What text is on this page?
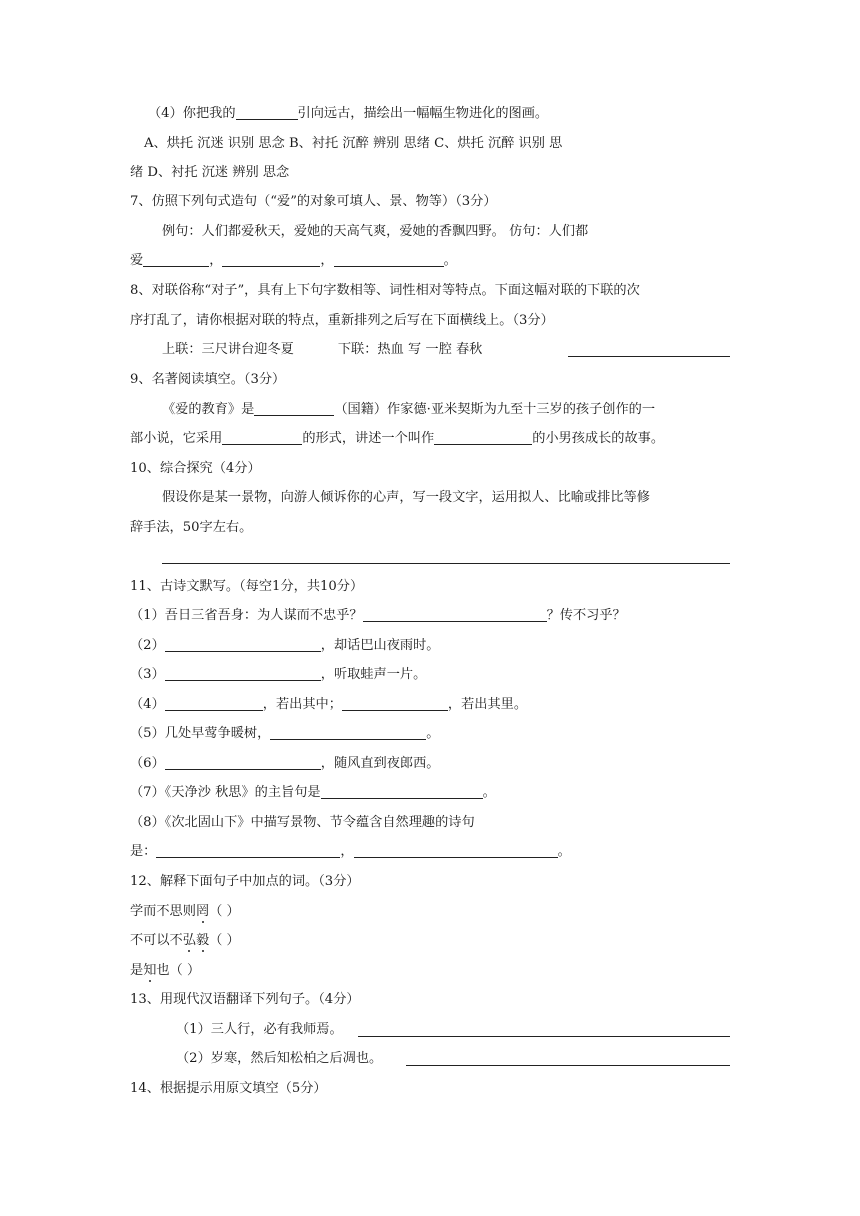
（4）你把我的	引向远古，描绘出一幅幅生物进化的图画。
A、烘托 沉迷 识别 思念 B、衬托 沉醉 辨别 思绪 C、烘托 沉醉 识别 思
绪 D、衬托 沉迷 辨别 思念
7、仿照下列句式造句（“爱”的对象可填人、景、物等）（3分）
例句：人们都爱秋天，爱她的天高气爽，爱她的香飘四野。 仿句：人们都
爱	，	，	。
8、对联俗称“对子”，具有上下句字数相等、词性相对等特点。下面这幅对联的下联的次
序打乱了，请你根据对联的特点，重新排列之后写在下面横线上。（3分）
上联：三尺讲台迎冬夏	下联：热血 写 一腔 春秋
9、名著阅读填空。（3分）
《爱的教育》是	（国籍）作家德·亚米契斯为九至十三岁的孩子创作的一
部小说，它采用	的形式，讲述一个叫作	的小男孩成长的故事。
10、综合探究（4分）
假设你是某一景物，向游人倾诉你的心声，写一段文字，运用拟人、比喻或排比等修
辞手法，50字左右。
11、古诗文默写。（每空1分，共10分）
（1）吾日三省吾身：为人谋而不忠乎？	？传不习乎？
（2）	，却话巴山夜雨时。
（3）	，听取蛙声一片。
（4）	，若出其中；	，若出其里。
（5）几处早莺争暖树，	。
（6）	，随风直到夜郎西。
（7）《天净沙 秋思》的主旨句是	。
（8）《次北固山下》中描写景物、节令蕴含自然理趣的诗句
是：	，	。
12、解释下面句子中加点的词。（3分）
学而不思则罔（ ）
不可以不弘毅（ ）
是知也（ ）
13、用现代汉语翻译下列句子。（4分）
（1）三人行，必有我师焉。
（2）岁寒，然后知松柏之后凋也。
14、根据提示用原文填空（5分）
